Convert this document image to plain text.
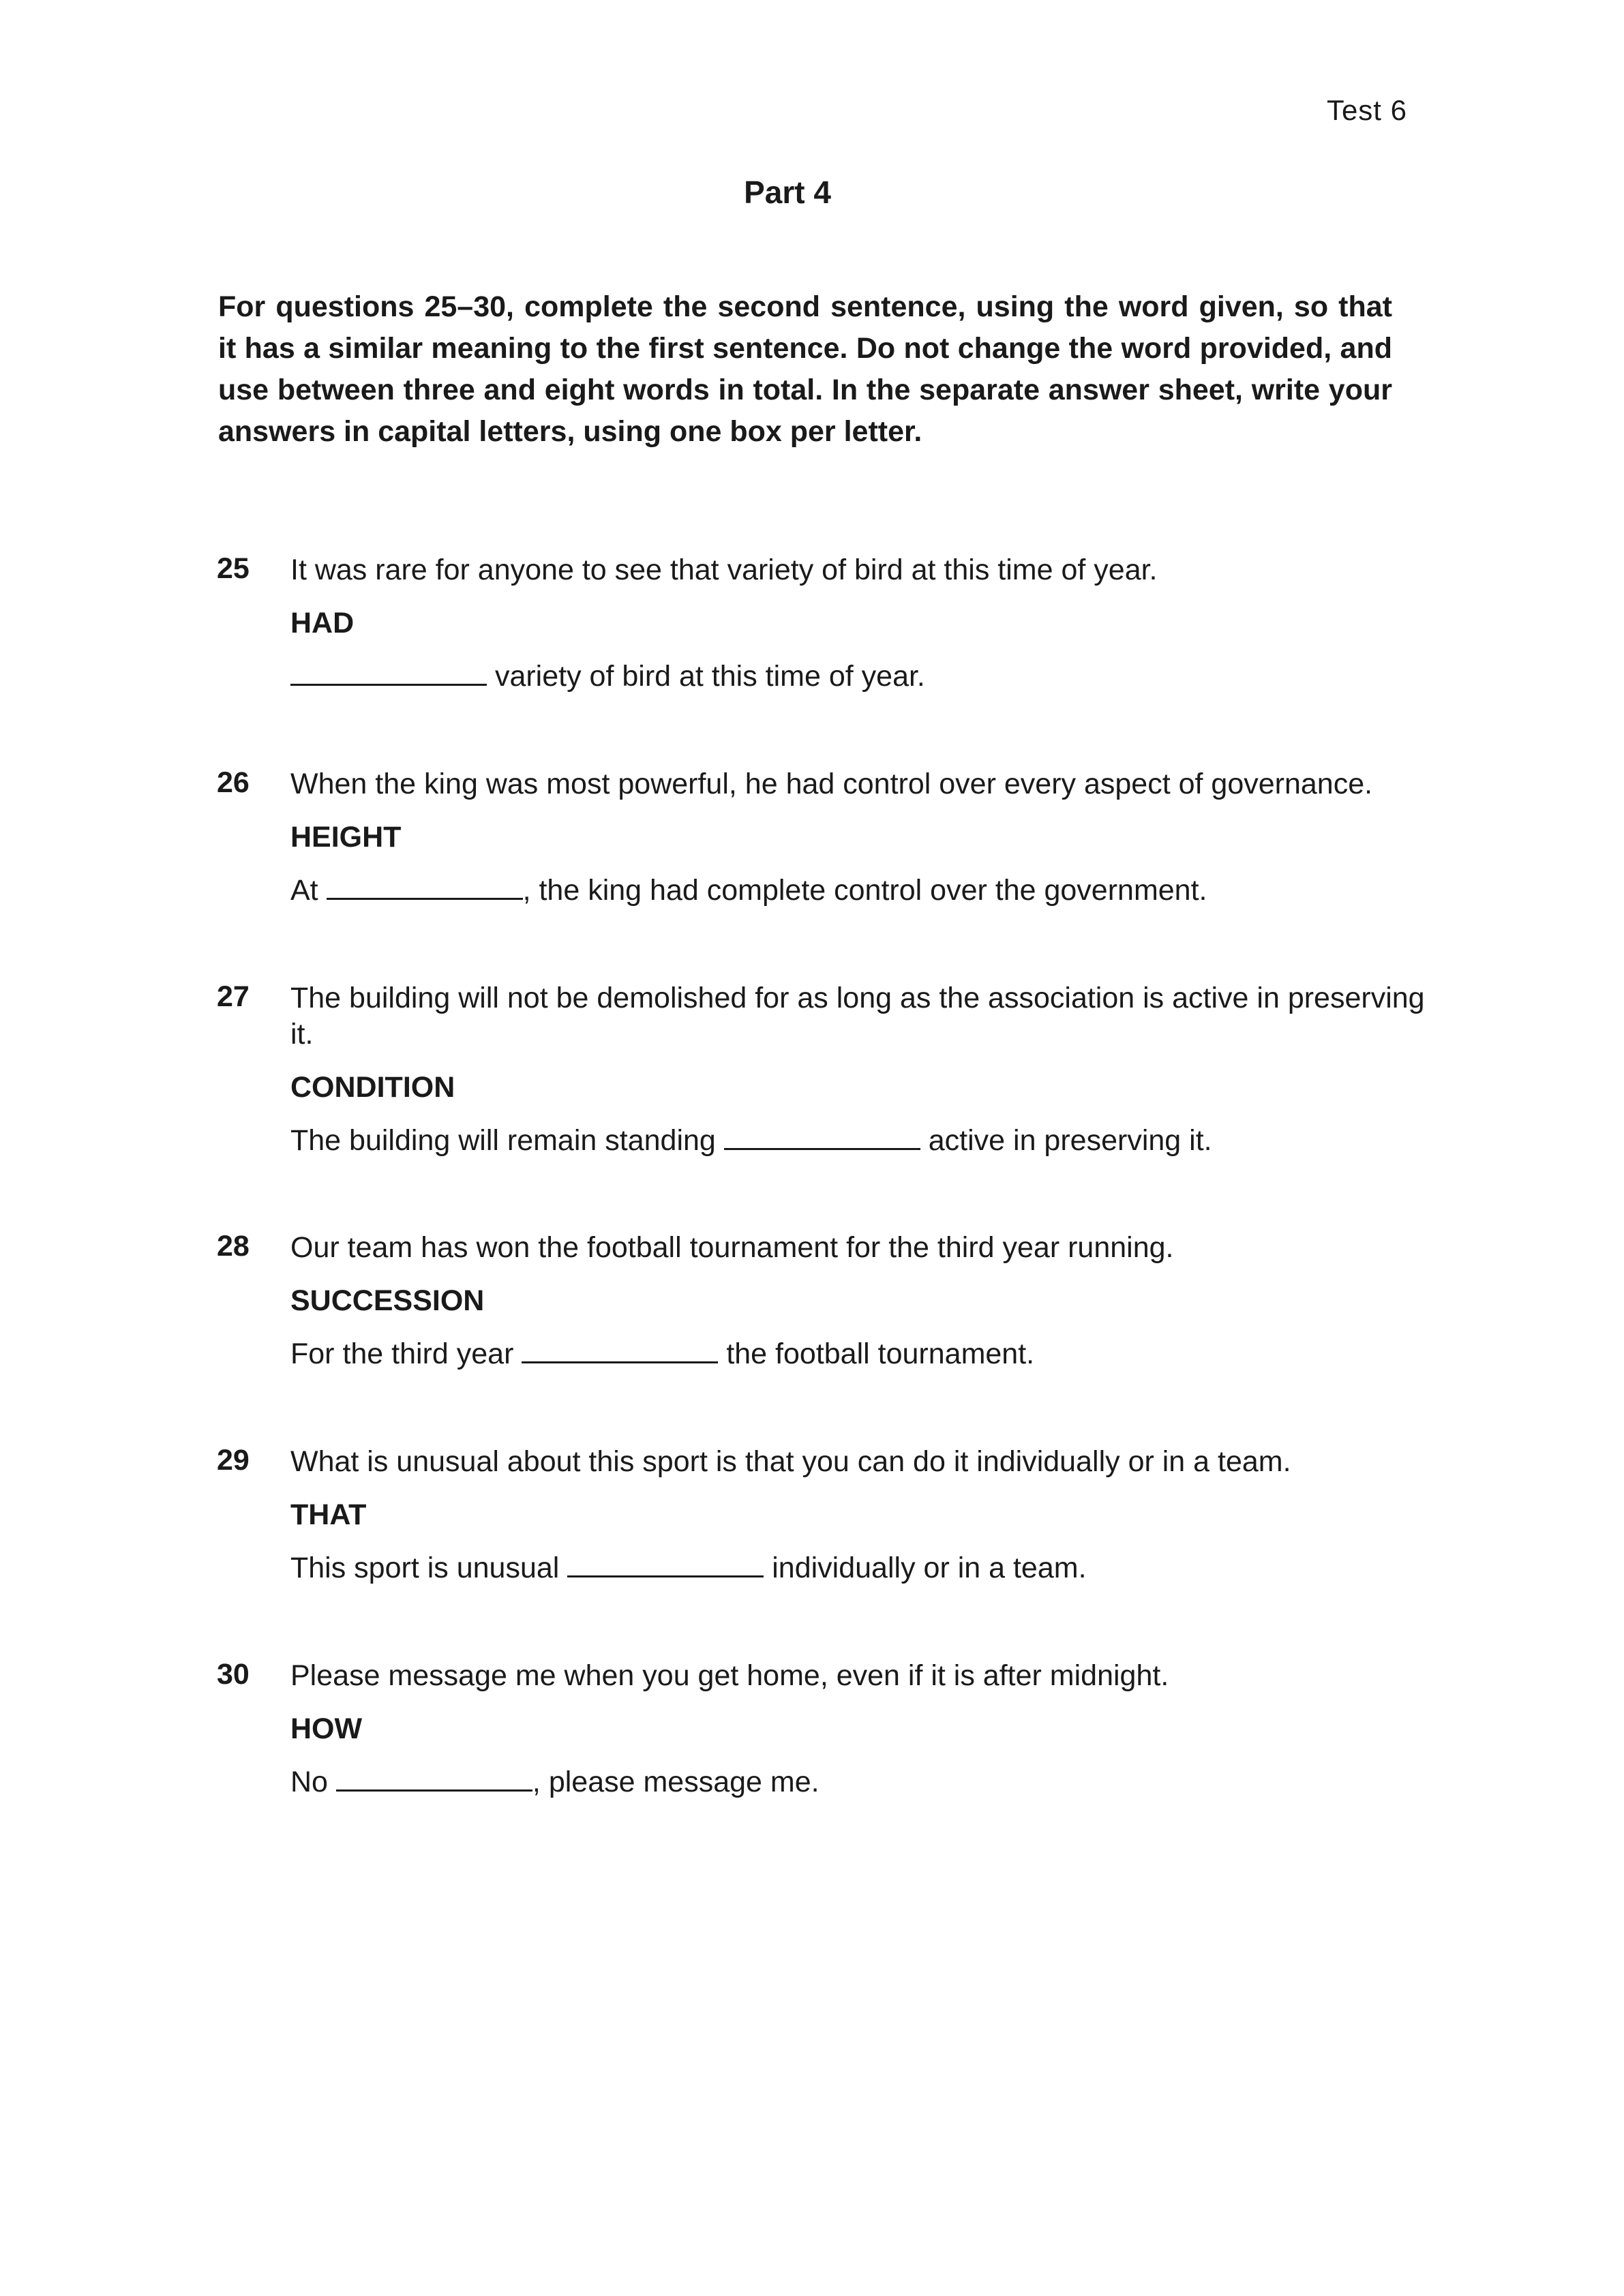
Test 6
Part 4
For questions 25–30, complete the second sentence, using the word given, so that it has a similar meaning to the first sentence. Do not change the word provided, and use between three and eight words in total. In the separate answer sheet, write your answers in capital letters, using one box per letter.
25 It was rare for anyone to see that variety of bird at this time of year.

HAD
variety of bird at this time of year.
26 When the king was most powerful, he had control over every aspect of governance.

HEIGHT
At	, the king had complete control over the government.
27 The building will not be demolished for as long as the association is active in preserving it.

CONDITION
The building will remain standing	active in preserving it.
28 Our team has won the football tournament for the third year running.

SUCCESSION
For the third year	the football tournament.
29 What is unusual about this sport is that you can do it individually or in a team.

THAT
This sport is unusual	individually or in a team.
30 Please message me when you get home, even if it is after midnight.

HOW
No	, please message me.
